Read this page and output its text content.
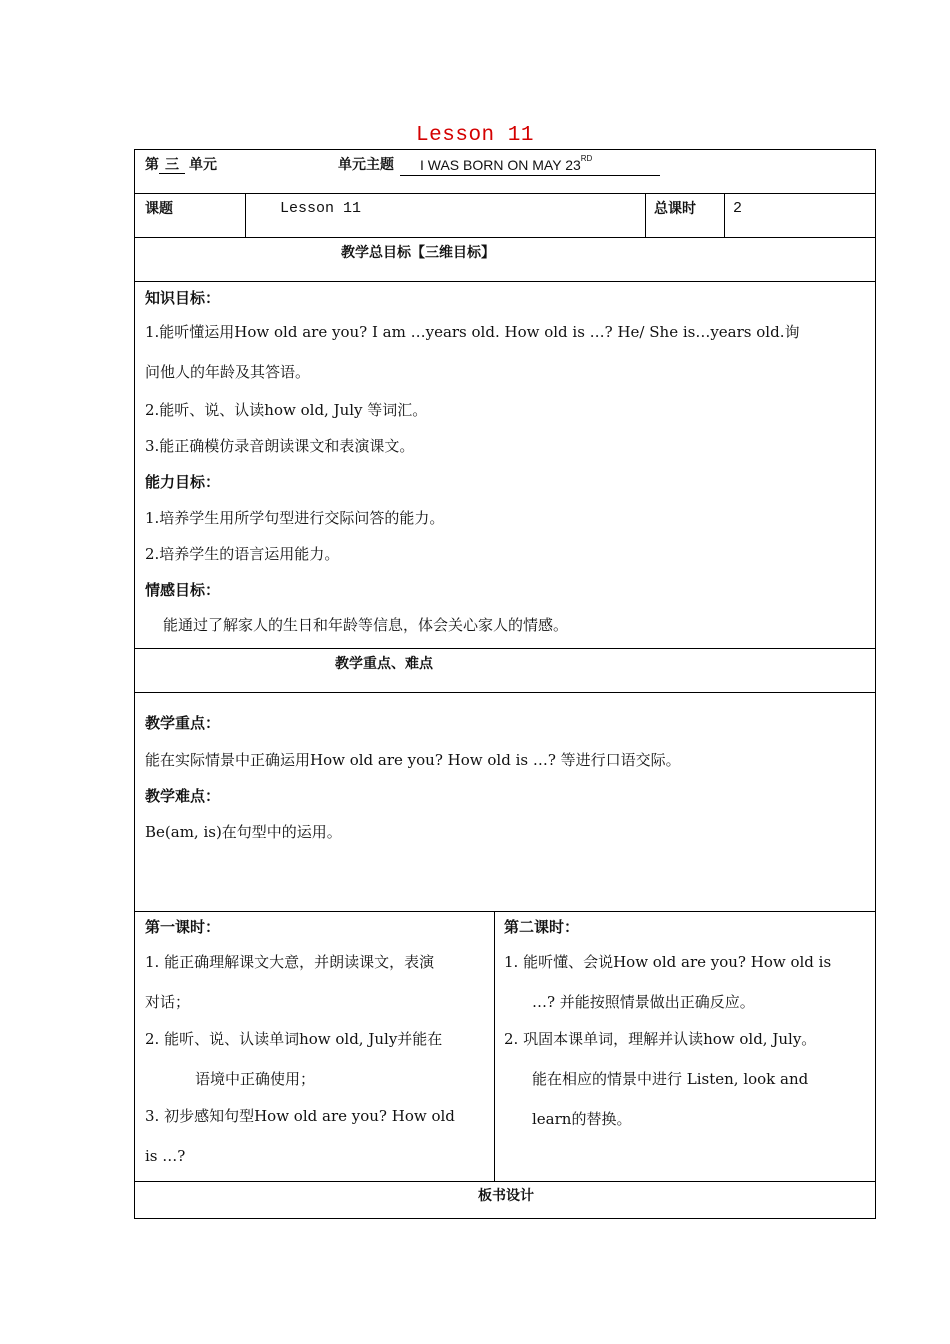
Lesson 11
第 三 单元	单元主题	I WAS BORN ON MAY 23RD
课题	Lesson 11	总课时 2
教学总目标【三维目标】
知识目标：
1.能听懂运用How old are you? I am …years old. How old is …? He/ She is…years old.询
问他人的年龄及其答语。
2.能听、说、认读how old, July 等词汇。
3.能正确模仿录音朗读课文和表演课文。
能力目标：
1.培养学生用所学句型进行交际问答的能力。
2.培养学生的语言运用能力。
情感目标：
能通过了解家人的生日和年龄等信息，体会关心家人的情感。
教学重点、难点
教学重点：
能在实际情景中正确运用How old are you? How old is …? 等进行口语交际。
教学难点：
Be(am, is)在句型中的运用。
第一课时：
1. 能正确理解课文大意，并朗读课文，表演
对话；
2. 能听、说、认读单词how old, July并能在
语境中正确使用；
3. 初步感知句型How old are you? How old
is …?
第二课时：
1. 能听懂、会说How old are you? How old is
…? 并能按照情景做出正确反应。
2. 巩固本课单词，理解并认读how old, July。
能在相应的情景中进行 Listen, look and
learn的替换。
板书设计
